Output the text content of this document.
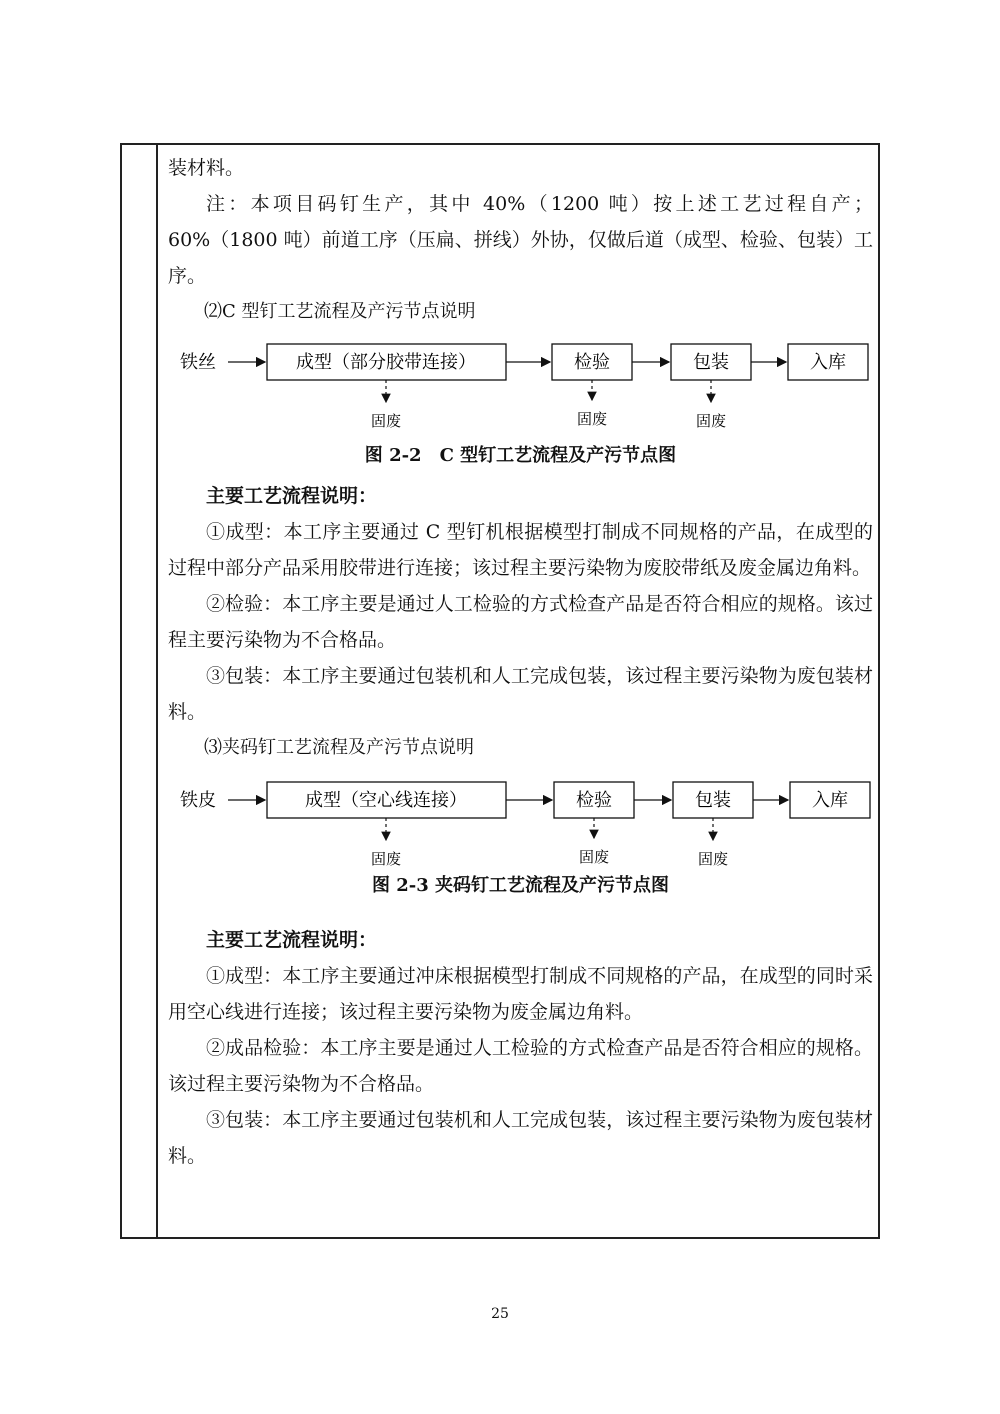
装材料。

注：本项目码钉生产，其中 40%（1200 吨）按上述工艺过程自产；60%（1800 吨）前道工序（压扁、拼线）外协，仅做后道（成型、检验、包装）工序。

⑵C 型钉工艺流程及产污节点说明

铁丝	成型（部分胶带连接）	检验	包装	入库
固废	固废	固废

图 2-2　C 型钉工艺流程及产污节点图

主要工艺流程说明：

①成型：本工序主要通过 C 型钉机根据模型打制成不同规格的产品，在成型的过程中部分产品采用胶带进行连接；该过程主要污染物为废胶带纸及废金属边角料。

②检验：本工序主要是通过人工检验的方式检查产品是否符合相应的规格。该过程主要污染物为不合格品。

③包装：本工序主要通过包装机和人工完成包装，该过程主要污染物为废包装材料。

⑶夹码钉工艺流程及产污节点说明

铁皮	成型（空心线连接）	检验	包装	入库
固废	固废	固废

图 2-3 夹码钉工艺流程及产污节点图

主要工艺流程说明：

①成型：本工序主要通过冲床根据模型打制成不同规格的产品，在成型的同时采用空心线进行连接；该过程主要污染物为废金属边角料。

②成品检验：本工序主要是通过人工检验的方式检查产品是否符合相应的规格。该过程主要污染物为不合格品。

③包装：本工序主要通过包装机和人工完成包装，该过程主要污染物为废包装材料。

25
